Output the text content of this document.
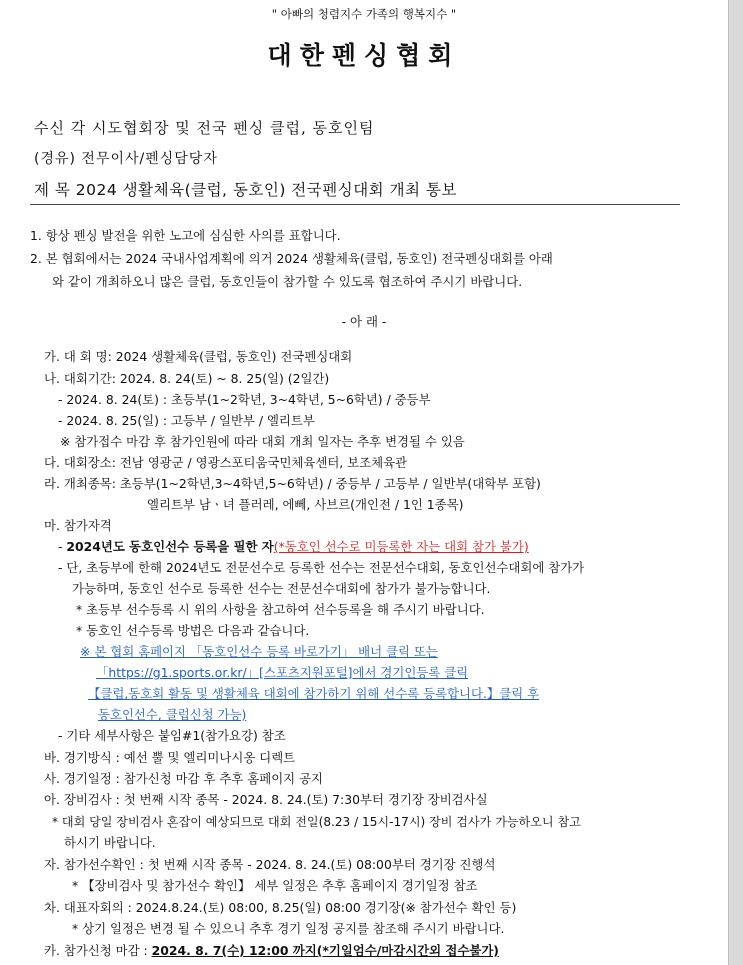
" 아빠의 청렴지수 가족의 행복지수 "
대한펜싱협회
수신 각 시도협회장 및 전국 펜싱 클럽, 동호인팀
(경유) 전무이사/펜싱담당자
제 목 2024 생활체육(클럽, 동호인) 전국펜싱대회 개최 통보
1. 항상 펜싱 발전을 위한 노고에 심심한 사의를 표합니다.
2. 본 협회에서는 2024 국내사업계획에 의거 2024 생활체육(클럽, 동호인) 전국펜싱대회를 아래
와 같이 개최하오니 많은 클럽, 동호인들이 참가할 수 있도록 협조하여 주시기 바랍니다.
- 아 래 -
가. 대 회 명: 2024 생활체육(클럽, 동호인) 전국펜싱대회
나. 대회기간: 2024. 8. 24(토) ~ 8. 25(일) (2일간)
- 2024. 8. 24(토) : 초등부(1~2학년, 3~4학년, 5~6학년) / 중등부
- 2024. 8. 25(일) : 고등부 / 일반부 / 엘리트부
※ 참가접수 마감 후 참가인원에 따라 대회 개최 일자는 추후 변경될 수 있음
다. 대회장소: 전남 영광군 / 영광스포티움국민체육센터, 보조체육관
라. 개최종목: 초등부(1~2학년,3~4학년,5~6학년) / 중등부 / 고등부 / 일반부(대학부 포함)
엘리트부 남ㆍ녀 플러레, 에뻬, 사브르(개인전 / 1인 1종목)
마. 참가자격
- 2024년도 동호인선수 등록을 필한 자(*동호인 선수로 미등록한 자는 대회 참가 불가)
- 단, 초등부에 한해 2024년도 전문선수로 등록한 선수는 전문선수대회, 동호인선수대회에 참가가
가능하며, 동호인 선수로 등록한 선수는 전문선수대회에 참가가 불가능합니다.
* 초등부 선수등록 시 위의 사항을 참고하여 선수등록을 해 주시기 바랍니다.
* 동호인 선수등록 방법은 다음과 같습니다.
※ 본 협회 홈페이지 「동호인선수 등록 바로가기」 배너 클릭 또는
「https://g1.sports.or.kr/」[스포츠지원포털]에서 경기인등록 클릭
【클럽,동호회 활동 및 생활체육 대회에 참가하기 위해 선수록 등록합니다.】클릭 후
동호인선수, 클럽신청 가능)
- 기타 세부사항은 붙임#1(참가요강) 참조
바. 경기방식 : 예선 뿔 및 엘리미나시옹 디렉트
사. 경기일정 : 참가신청 마감 후 추후 홈페이지 공지
아. 장비검사 : 첫 번째 시작 종목 - 2024. 8. 24.(토) 7:30부터 경기장 장비검사실
* 대회 당일 장비검사 혼잡이 예상되므로 대회 전일(8.23 / 15시-17시) 장비 검사가 가능하오니 참고
하시기 바랍니다.
자. 참가선수확인 : 첫 번째 시작 종목 - 2024. 8. 24.(토) 08:00부터 경기장 진행석
* 【장비검사 및 참가선수 확인】 세부 일정은 추후 홈페이지 경기일정 참조
차. 대표자회의 : 2024.8.24.(토) 08:00, 8.25(일) 08:00 경기장(※ 참가선수 확인 등)
* 상기 일정은 변경 될 수 있으니 추후 경기 일정 공지를 참조해 주시기 바랍니다.
카. 참가신청 마감 : 2024. 8. 7(수) 12:00 까지(*기일엄수/마감시간외 접수불가)
